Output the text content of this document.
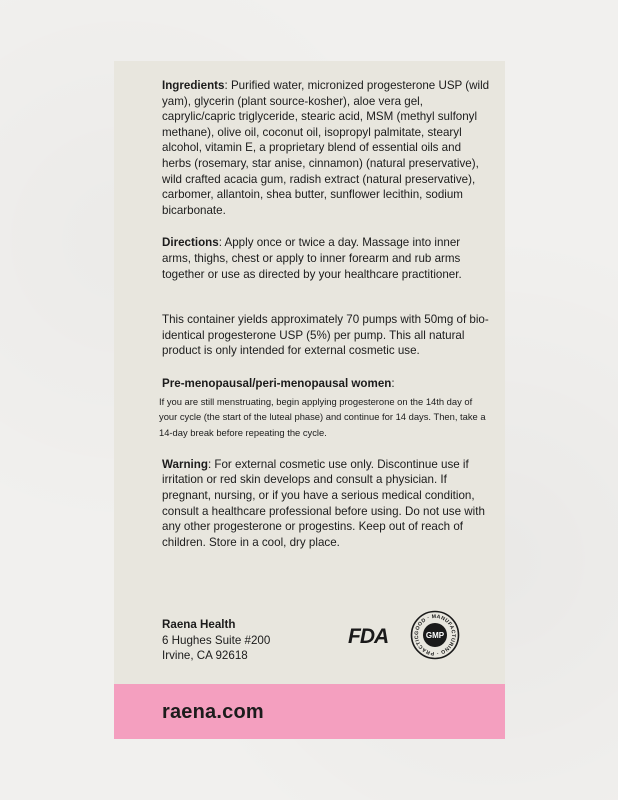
Ingredients: Purified water, micronized progesterone USP (wild yam), glycerin (plant source-kosher), aloe vera gel, caprylic/capric triglyceride, stearic acid, MSM (methyl sulfonyl methane), olive oil, coconut oil, isopropyl palmitate, stearyl alcohol, vitamin E, a proprietary blend of essential oils and herbs (rosemary, star anise, cinnamon) (natural preservative), wild crafted acacia gum, radish extract (natural preservative), carbomer, allantoin, shea butter, sunflower lecithin, sodium bicarbonate.

Directions: Apply once or twice a day. Massage into inner arms, thighs, chest or apply to inner forearm and rub arms together or use as directed by your healthcare practitioner.

This container yields approximately 70 pumps with 50mg of bio-identical progesterone USP (5%) per pump. This all natural product is only intended for external cosmetic use.

Pre-menopausal/peri-menopausal women:

If you are still menstruating, begin applying progesterone on the 14th day of your cycle (the start of the luteal phase) and continue for 14 days. Then, take a 14-day break before repeating the cycle.

Warning: For external cosmetic use only. Discontinue use if irritation or red skin develops and consult a physician. If pregnant, nursing, or if you have a serious medical condition, consult a healthcare professional before using. Do not use with any other progesterone or progestins. Keep out of reach of children. Store in a cool, dry place.

Raena Health
6 Hughes Suite #200
Irvine, CA 92618
FDA	GOOD · MANUFACTURING · PRACTIC GMP
raena.com
